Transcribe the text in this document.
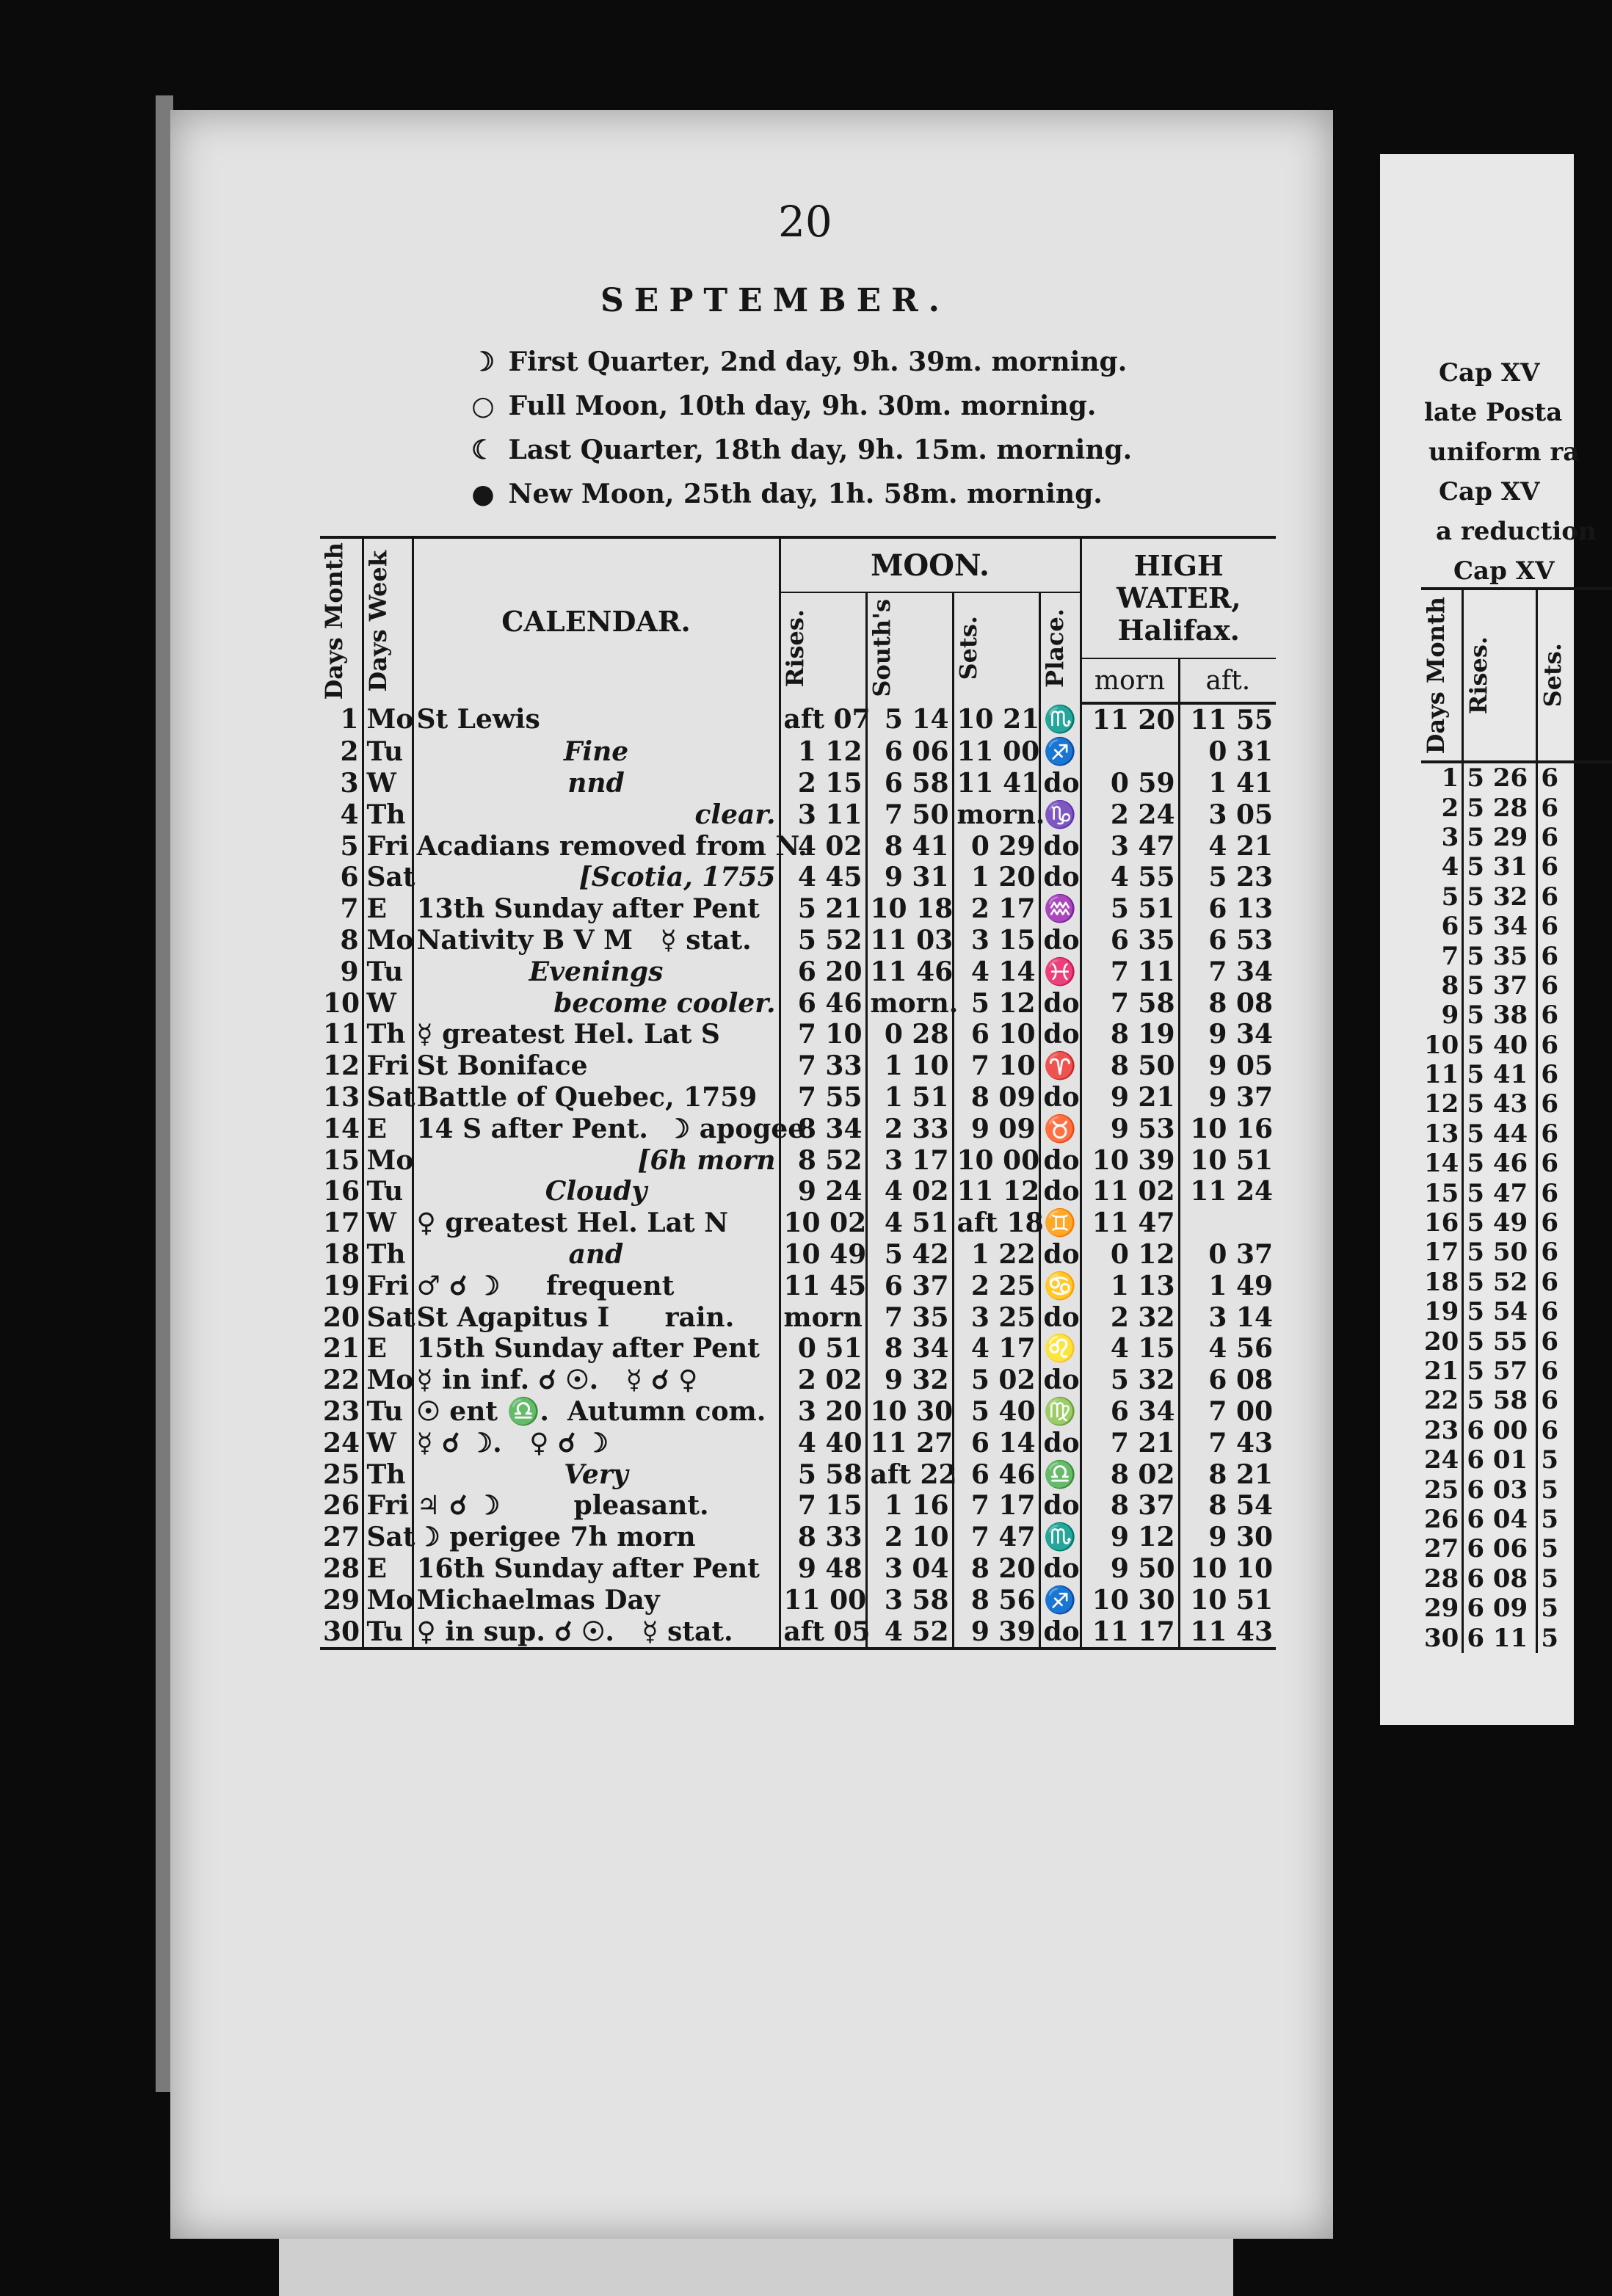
20
SEPTEMBER.
☽ First Quarter, 2nd day, 9h. 39m. morning.
○ Full Moon, 10th day, 9h. 30m. morning.
☾ Last Quarter, 18th day, 9h. 15m. morning.
● New Moon, 25th day, 1h. 58m. morning.
Days Month	Days Week	CALENDAR.	MOON.				HIGH WATER, Halifax.	

			Rises.	South's	Sets.	Place.		

							morn	aft.
1	Mo	St Lewis	aft 07	5 14	10 21	♏	11 20	11 55
2	Tu	Fine	1 12	6 06	11 00	♐		0 31
3	W	nnd	2 15	6 58	11 41	do	0 59	1 41
4	Th	clear.	3 11	7 50	morn.	♑	2 24	3 05
5	Fri	Acadians removed from N.	4 02	8 41	0 29	do	3 47	4 21
6	Sat	[Scotia, 1755	4 45	9 31	1 20	do	4 55	5 23
7	E	13th Sunday after Pent	5 21	10 18	2 17	♒	5 51	6 13
8	Mo	Nativity B V M   ☿ stat.	5 52	11 03	3 15	do	6 35	6 53
9	Tu	Evenings	6 20	11 46	4 14	♓	7 11	7 34
10	W	become cooler.	6 46	morn.	5 12	do	7 58	8 08
11	Th	☿ greatest Hel. Lat S	7 10	0 28	6 10	do	8 19	9 34
12	Fri	St Boniface	7 33	1 10	7 10	♈	8 50	9 05
13	Sat	Battle of Quebec, 1759	7 55	1 51	8 09	do	9 21	9 37
14	E	14 S after Pent.  ☽ apogee	8 34	2 33	9 09	♉	9 53	10 16
15	Mo	[6h morn	8 52	3 17	10 00	do	10 39	10 51
16	Tu	Cloudy	9 24	4 02	11 12	do	11 02	11 24
17	W	♀ greatest Hel. Lat N	10 02	4 51	aft 18	♊	11 47	
18	Th	and	10 49	5 42	1 22	do	0 12	0 37
19	Fri	♂ ☌ ☽     frequent	11 45	6 37	2 25	♋	1 13	1 49
20	Sat	St Agapitus I      rain.	morn	7 35	3 25	do	2 32	3 14
21	E	15th Sunday after Pent	0 51	8 34	4 17	♌	4 15	4 56
22	Mo	☿ in inf. ☌ ☉.   ☿ ☌ ♀	2 02	9 32	5 02	do	5 32	6 08
23	Tu	☉ ent ♎.  Autumn com.	3 20	10 30	5 40	♍	6 34	7 00
24	W	☿ ☌ ☽.   ♀ ☌ ☽	4 40	11 27	6 14	do	7 21	7 43
25	Th	Very	5 58	aft 22	6 46	♎	8 02	8 21
26	Fri	♃ ☌ ☽        pleasant.	7 15	1 16	7 17	do	8 37	8 54
27	Sat	☽ perigee 7h morn	8 33	2 10	7 47	♏	9 12	9 30
28	E	16th Sunday after Pent	9 48	3 04	8 20	do	9 50	10 10
29	Mo	Michaelmas Day	11 00	3 58	8 56	♐	10 30	10 51
30	Tu	♀ in sup. ☌ ☉.   ☿ stat.	aft 05	4 52	9 39	do	11 17	11 43

Cap XV
late Posta
uniform ra
Cap XV
a reduction
Cap XV
Days Month	Rises.	Sets.

1	5 26	6
2	5 28	6
3	5 29	6
4	5 31	6
5	5 32	6
6	5 34	6
7	5 35	6
8	5 37	6
9	5 38	6
10	5 40	6
11	5 41	6
12	5 43	6
13	5 44	6
14	5 46	6
15	5 47	6
16	5 49	6
17	5 50	6
18	5 52	6
19	5 54	6
20	5 55	6
21	5 57	6
22	5 58	6
23	6 00	6
24	6 01	5
25	6 03	5
26	6 04	5
27	6 06	5
28	6 08	5
29	6 09	5
30	6 11	5
